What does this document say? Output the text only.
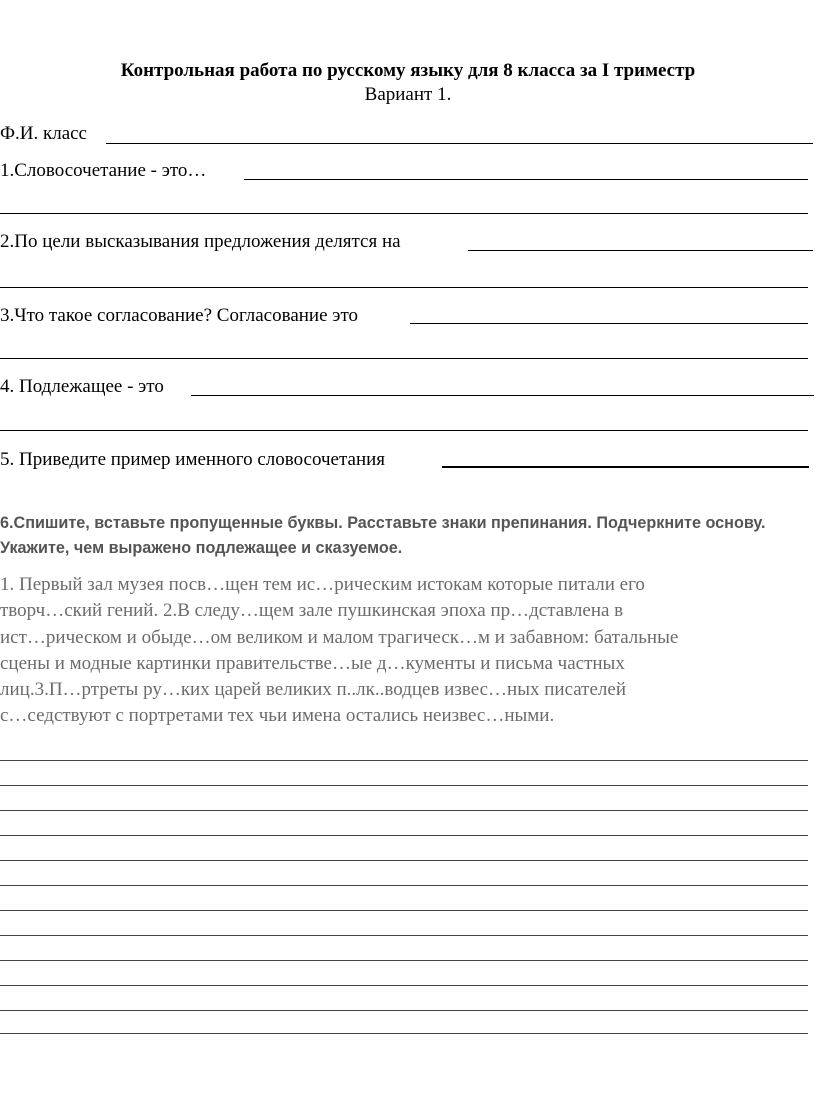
Контрольная работа по русскому языку для 8 класса за I триместр
Вариант 1.
Ф.И. класс
1.Словосочетание - это…
2.По цели высказывания предложения делятся на
3.Что такое согласование? Согласование это
4. Подлежащее - это
5. Приведите пример именного словосочетания
6.Спишите, вставьте пропущенные буквы. Расставьте знаки препинания. Подчеркните основу. Укажите, чем выражено подлежащее и сказуемое.
1. Первый зал музея посв…щен тем ис…рическим истокам которые питали его
творч…ский гений. 2.В следу…щем зале пушкинская эпоха пр…дставлена в
ист…рическом и обыде…ом великом и малом трагическ…м и забавном: батальные
сцены и модные картинки правительстве…ые д…кументы и письма частных
лиц.3.П…ртреты ру…ких царей великих п..лк..водцев извес…ных писателей
с…седствуют с портретами тех чьи имена остались неизвес…ными.
